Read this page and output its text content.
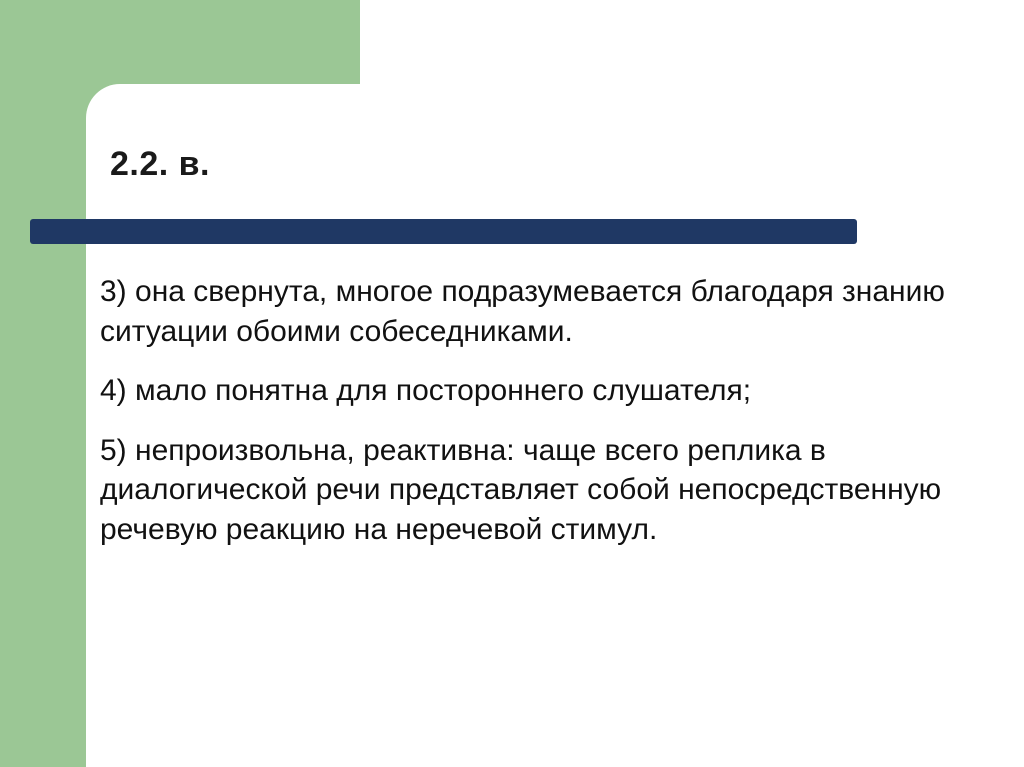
2.2. в.

3) она свернута, многое подразумевается благодаря знанию ситуации обоими собеседниками.

4) мало понятна для постороннего слушателя;

5) непроизвольна, реактивна: чаще всего реплика в диалогической речи представляет собой непосредственную речевую реакцию на неречевой стимул.
